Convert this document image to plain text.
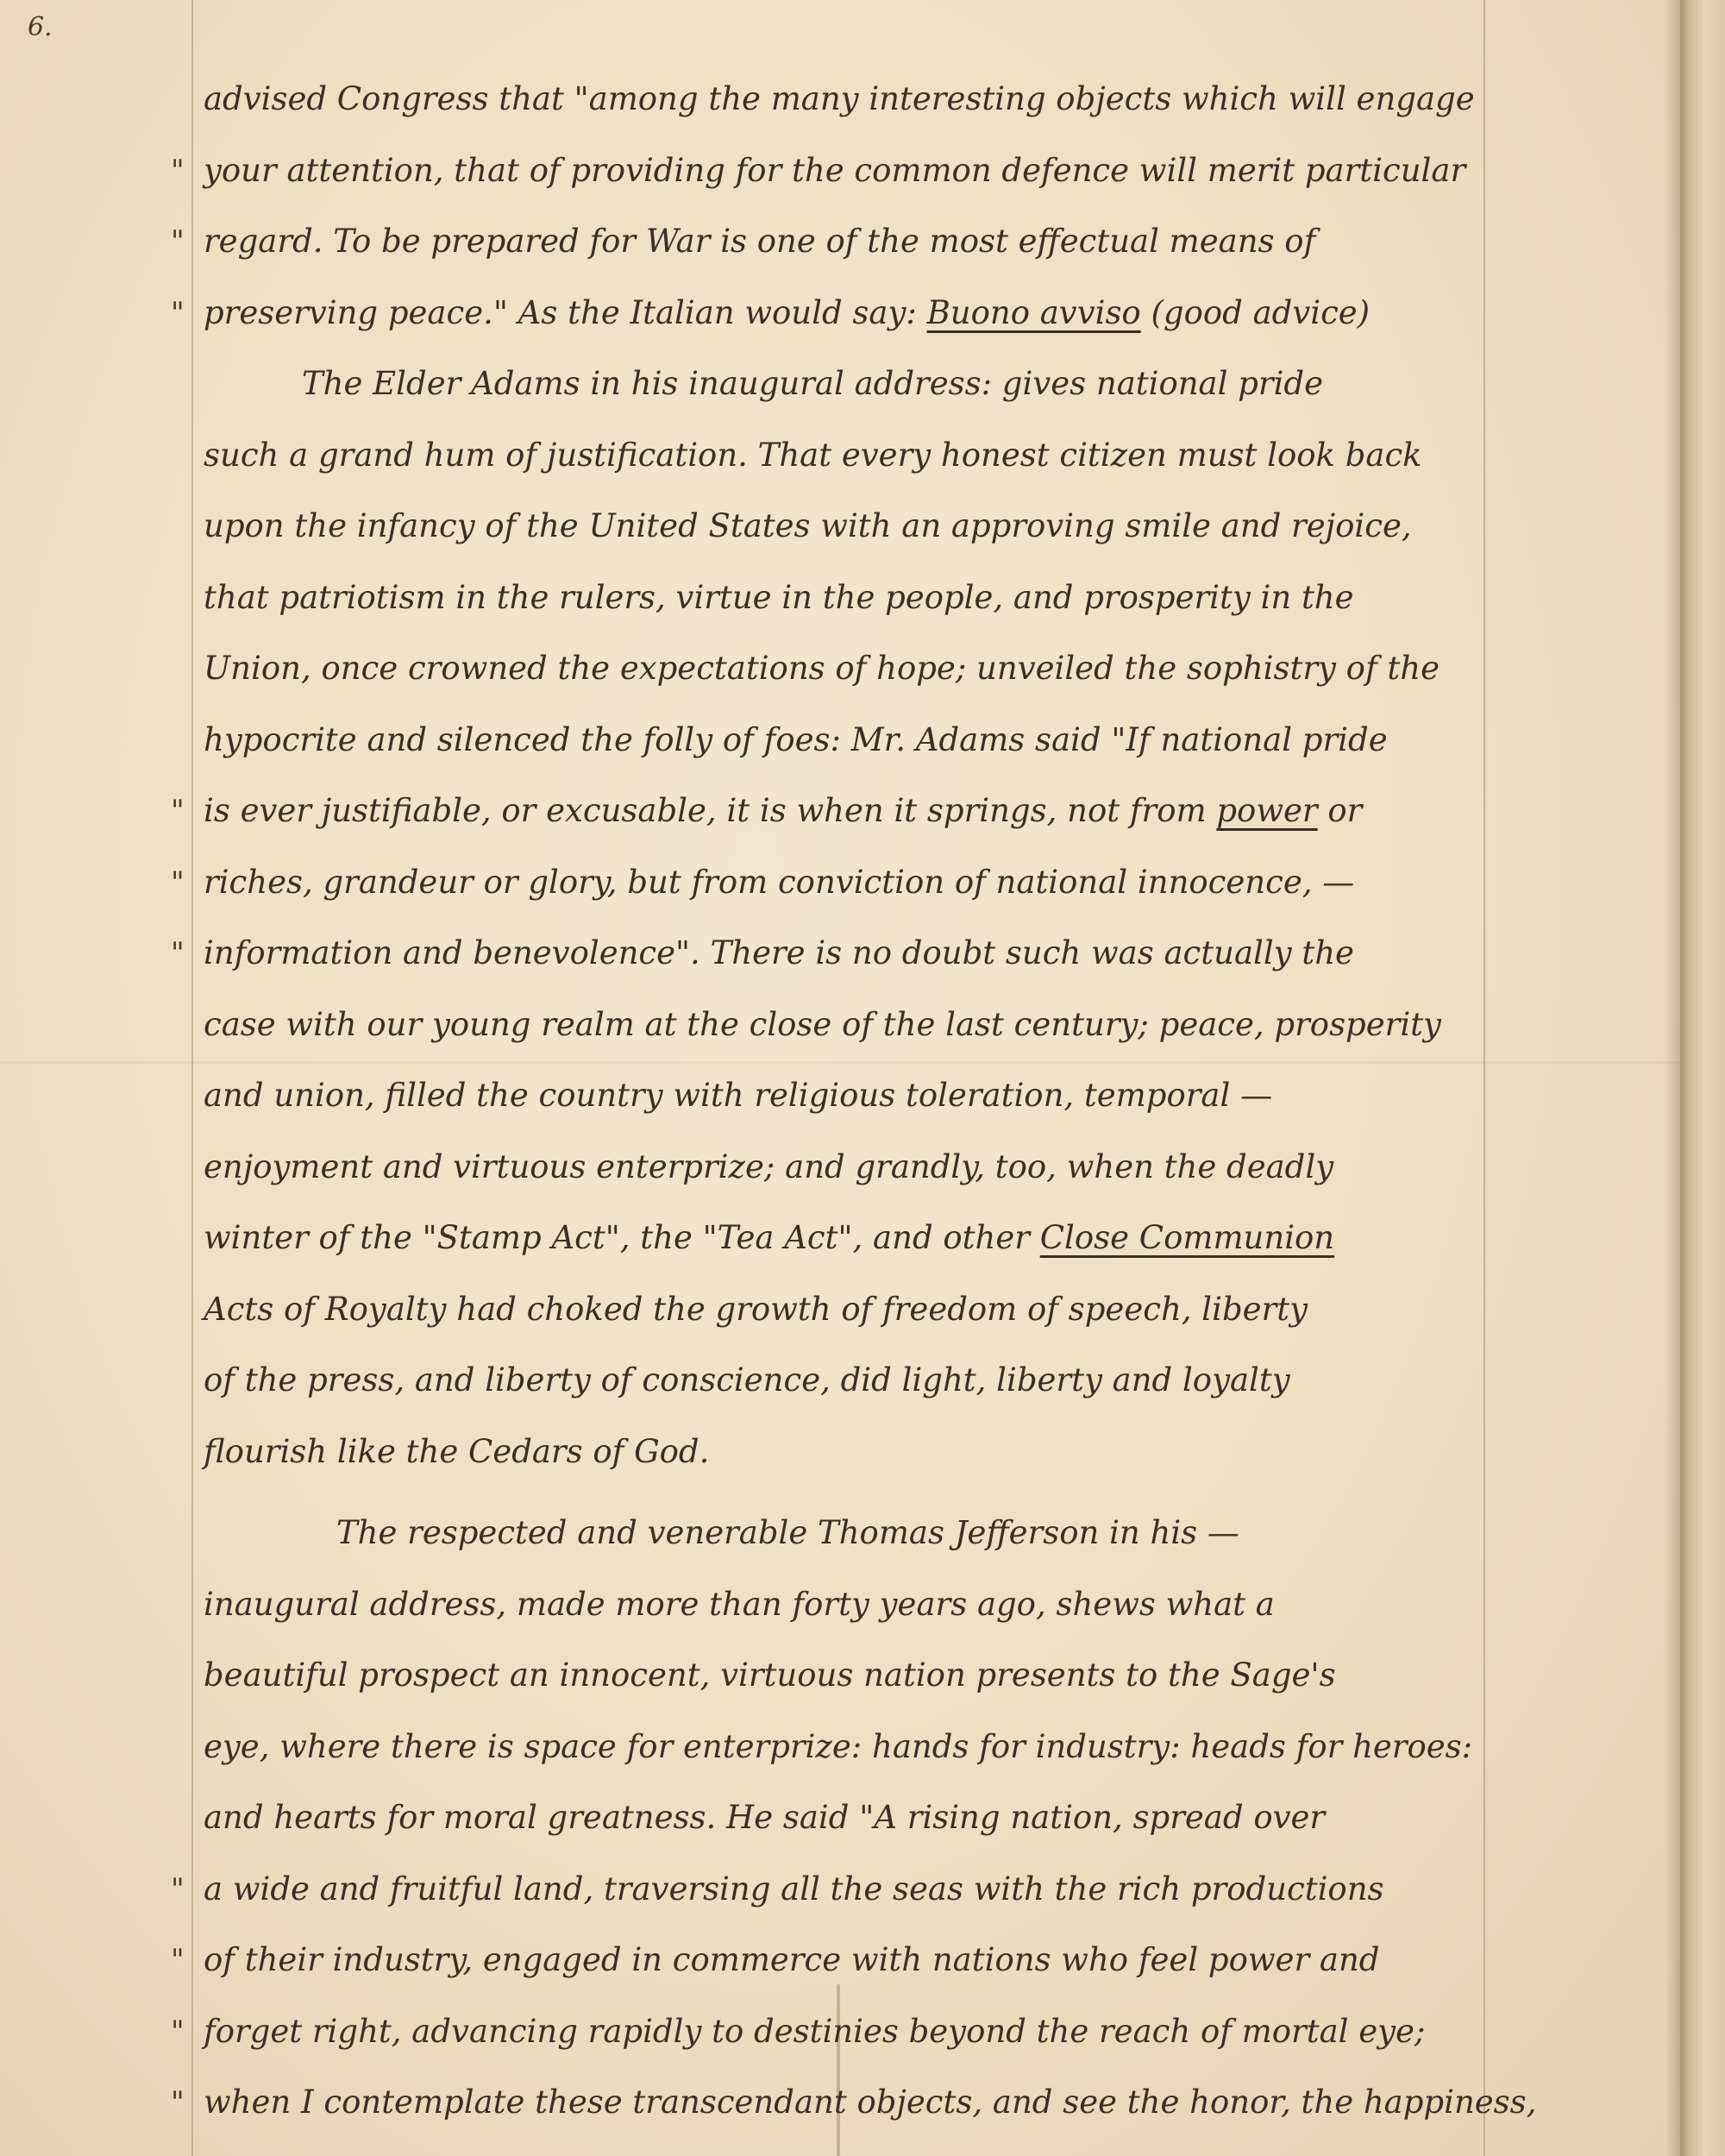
6.
advised Congress that "among the many interesting objects which will engage
" your attention, that of providing for the common defence will merit particular
" regard. To be prepared for War is one of the most effectual means of
" preserving peace." As the Italian would say: Buono avviso (good advice)
The Elder Adams in his inaugural address: gives national pride
such a grand hum of justification. That every honest citizen must look back
upon the infancy of the United States with an approving smile and rejoice,
that patriotism in the rulers, virtue in the people, and prosperity in the
Union, once crowned the expectations of hope; unveiled the sophistry of the
hypocrite and silenced the folly of foes: Mr. Adams said "If national pride
" is ever justifiable, or excusable, it is when it springs, not from power or
" riches, grandeur or glory, but from conviction of national innocence, —
" information and benevolence". There is no doubt such was actually the
case with our young realm at the close of the last century; peace, prosperity
and union, filled the country with religious toleration, temporal —
enjoyment and virtuous enterprize; and grandly, too, when the deadly
winter of the "Stamp Act", the "Tea Act", and other Close Communion
Acts of Royalty had choked the growth of freedom of speech, liberty
of the press, and liberty of conscience, did light, liberty and loyalty
flourish like the Cedars of God.
The respected and venerable Thomas Jefferson in his —
inaugural address, made more than forty years ago, shews what a
beautiful prospect an innocent, virtuous nation presents to the Sage's
eye, where there is space for enterprize: hands for industry: heads for heroes:
and hearts for moral greatness. He said "A rising nation, spread over
" a wide and fruitful land, traversing all the seas with the rich productions
" of their industry, engaged in commerce with nations who feel power and
" forget right, advancing rapidly to destinies beyond the reach of mortal eye;
" when I contemplate these transcendant objects, and see the honor, the happiness,
